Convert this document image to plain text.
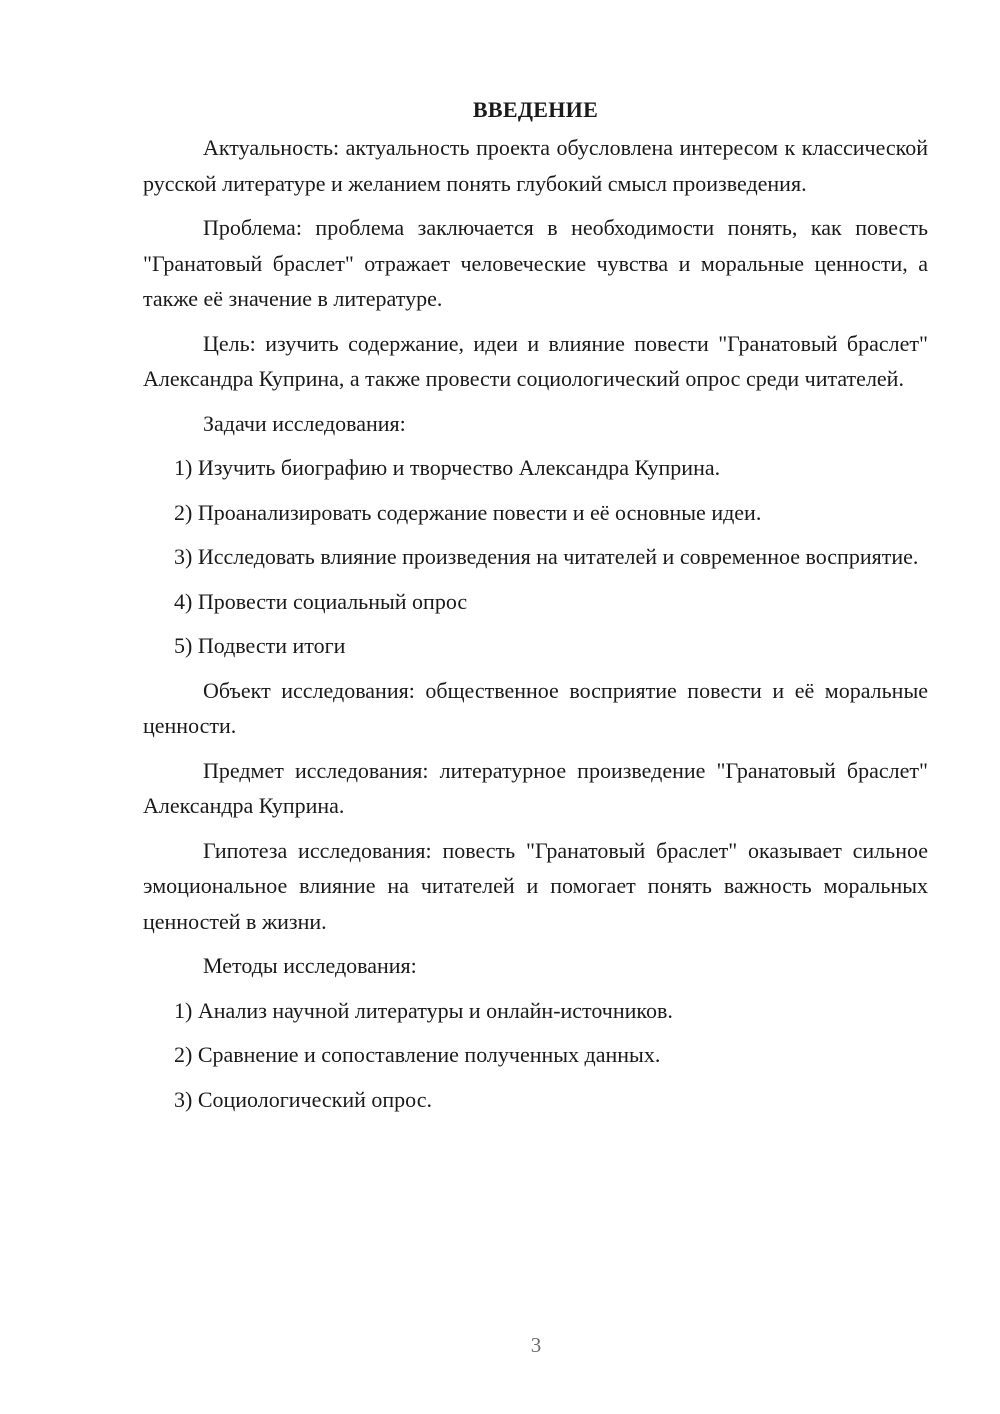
ВВЕДЕНИЕ

Актуальность: актуальность проекта обусловлена интересом к классической русской литературе и желанием понять глубокий смысл произведения.

Проблема: проблема заключается в необходимости понять, как повесть "Гранатовый браслет" отражает человеческие чувства и моральные ценности, а также её значение в литературе.

Цель: изучить содержание, идеи и влияние повести "Гранатовый браслет" Александра Куприна, а также провести социологический опрос среди читателей.

Задачи исследования:

1) Изучить биографию и творчество Александра Куприна.

2) Проанализировать содержание повести и её основные идеи.

3) Исследовать влияние произведения на читателей и современное восприятие.

4) Провести социальный опрос

5) Подвести итоги

Объект исследования: общественное восприятие повести и её моральные ценности.

Предмет исследования: литературное произведение "Гранатовый браслет" Александра Куприна.

Гипотеза исследования: повесть "Гранатовый браслет" оказывает сильное эмоциональное влияние на читателей и помогает понять важность моральных ценностей в жизни.

Методы исследования:

1) Анализ научной литературы и онлайн-источников.

2) Сравнение и сопоставление полученных данных.

3) Социологический опрос.

3
